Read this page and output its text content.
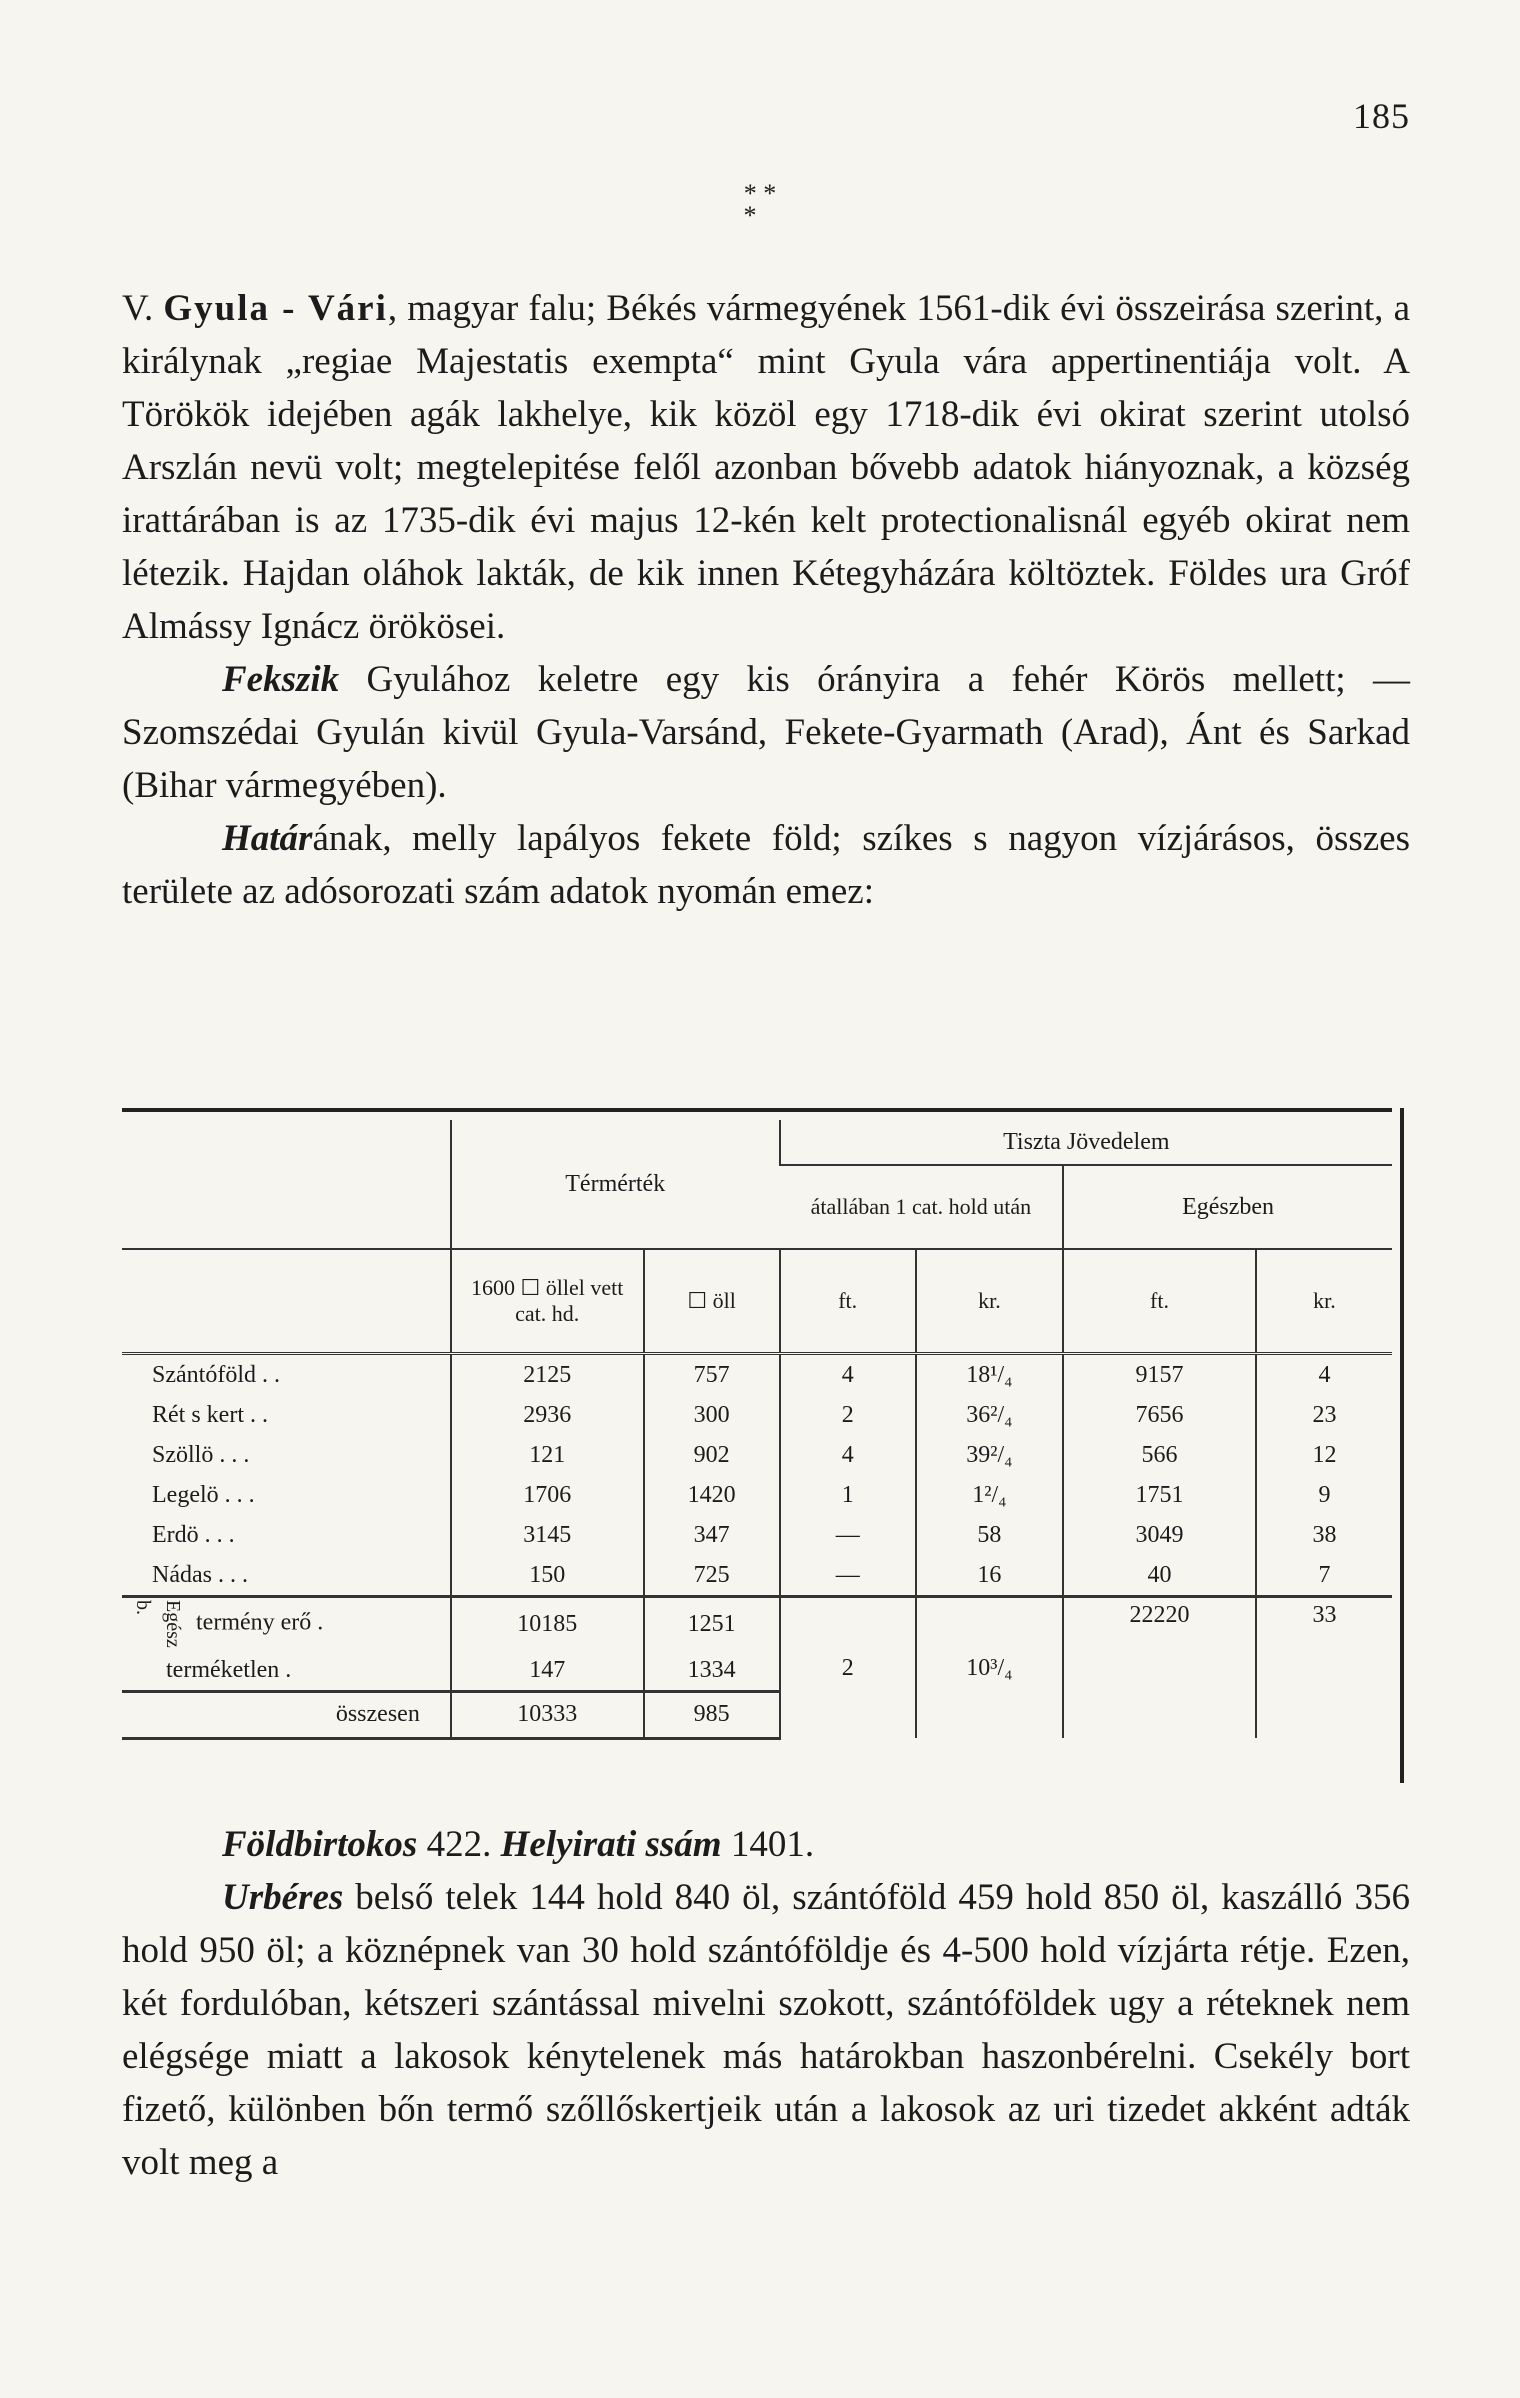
185
* *
*

V. Gyula - Vári, magyar falu; Békés vármegyének 1561-dik évi összeirása szerint, a királynak „regiae Majestatis exempta“ mint Gyula vára appertinentiája volt. A Törökök idejében agák lakhelye, kik közöl egy 1718-dik évi okirat szerint utolsó Arszlán nevü volt; megtelepitése felől azonban bővebb adatok hiányoznak, a község irattárában is az 1735-dik évi majus 12-kén kelt protectionalisnál egyéb okirat nem létezik. Hajdan oláhok lakták, de kik innen Kétegyházára költöztek. Földes ura Gróf Almássy Ignácz örökösei.

Fekszik Gyulához keletre egy kis órányira a fehér Körös mellett; — Szomszédai Gyulán kivül Gyula-Varsánd, Fekete-Gyarmath (Arad), Ánt és Sarkad (Bihar vármegyében).

Határának, melly lapályos fekete föld; szíkes s nagyon vízjárásos, összes területe az adósorozati szám adatok nyomán emez:

	Térmérték		Tiszta Jövedelem			
			átallában 1 cat. hold után		Egészben	
	1600 ☐ öllel vett cat. hd.	☐ öll	ft.	kr.	ft.	kr.
Szántóföld . .	2125	757	4	18¹/₄	9157	4
Rét s kert . .	2936	300	2	36²/₄	7656	23
Szöllö . . .	121	902	4	39²/₄	566	12
Legelö . . .	1706	1420	1	1²/₄	1751	9
Erdö . . .	3145	347	—	58	3049	38
Nádas . . .	150	725	—	16	40	7
Egész b.termény erő .	10185	1251	2	10³/₄	22220	33
terméketlen .	147	1334				
összesen	10333	985				

Földbirtokos 422. Helyirati ssám 1401.

Urbéres belső telek 144 hold 840 öl, szántóföld 459 hold 850 öl, kaszálló 356 hold 950 öl; a köznépnek van 30 hold szántóföldje és 4-500 hold vízjárta rétje. Ezen, két fordulóban, kétszeri szántással mivelni szokott, szántóföldek ugy a réteknek nem elégsége miatt a lakosok kénytelenek más határokban haszonbérelni. Csekély bort fizető, különben bőn termő szőllőskertjeik után a lakosok az uri tizedet akként adták volt meg a
